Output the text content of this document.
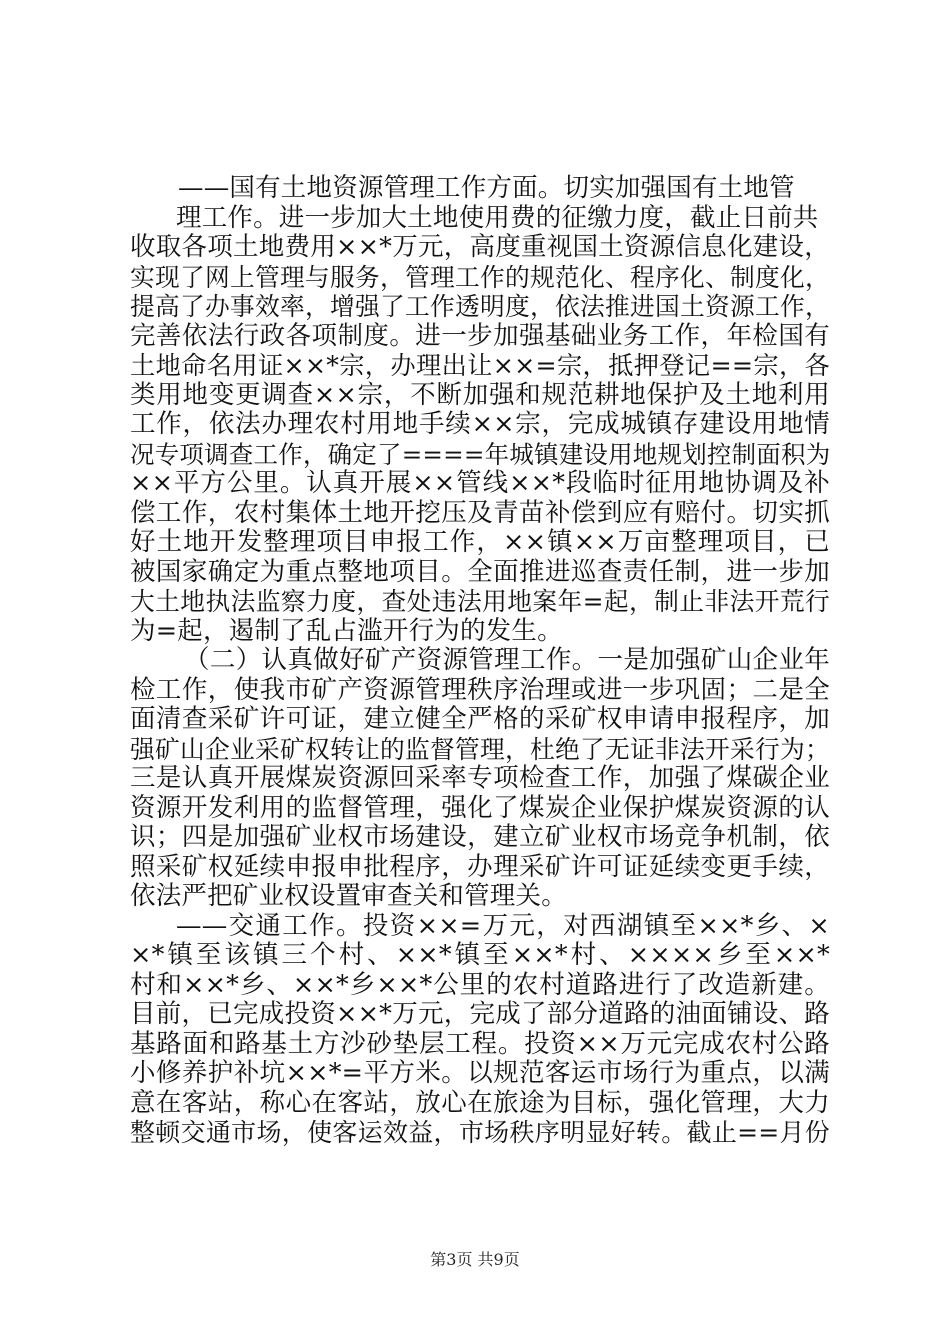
——国有土地资源管理工作方面。切实加强国有土地管
理工作。进一步加大土地使用费的征缴力度，截止日前共
收取各项土地费用××*万元，高度重视国土资源信息化建设，
实现了网上管理与服务，管理工作的规范化、程序化、制度化，
提高了办事效率，增强了工作透明度，依法推进国土资源工作，
完善依法行政各项制度。进一步加强基础业务工作，年检国有
土地命名用证××*宗，办理出让××=宗，抵押登记==宗，各
类用地变更调查××宗，不断加强和规范耕地保护及土地利用
工作，依法办理农村用地手续××宗，完成城镇存建设用地情
况专项调查工作，确定了====年城镇建设用地规划控制面积为
××平方公里。认真开展××管线××*段临时征用地协调及补
偿工作，农村集体土地开挖压及青苗补偿到应有赔付。切实抓
好土地开发整理项目申报工作，××镇××万亩整理项目，已
被国家确定为重点整地项目。全面推进巡查责任制，进一步加
大土地执法监察力度，查处违法用地案年=起，制止非法开荒行
为=起，遏制了乱占滥开行为的发生。
（二）认真做好矿产资源管理工作。一是加强矿山企业年
检工作，使我市矿产资源管理秩序治理或进一步巩固；二是全
面清查采矿许可证，建立健全严格的采矿权申请申报程序，加
强矿山企业采矿权转让的监督管理，杜绝了无证非法开采行为；
三是认真开展煤炭资源回采率专项检查工作，加强了煤碳企业
资源开发利用的监督管理，强化了煤炭企业保护煤炭资源的认
识；四是加强矿业权市场建设，建立矿业权市场竞争机制，依
照采矿权延续申报申批程序，办理采矿许可证延续变更手续，
依法严把矿业权设置审查关和管理关。
——交通工作。投资××=万元，对西湖镇至××*乡、×
×*镇至该镇三个村、××*镇至××*村、××××乡至××*
村和××*乡、××*乡××*公里的农村道路进行了改造新建。
目前，已完成投资××*万元，完成了部分道路的油面铺设、路
基路面和路基土方沙砂垫层工程。投资××万元完成农村公路
小修养护补坑××*=平方米。以规范客运市场行为重点，以满
意在客站，称心在客站，放心在旅途为目标，强化管理，大力
整顿交通市场，使客运效益，市场秩序明显好转。截止==月份
第3页 共9页
